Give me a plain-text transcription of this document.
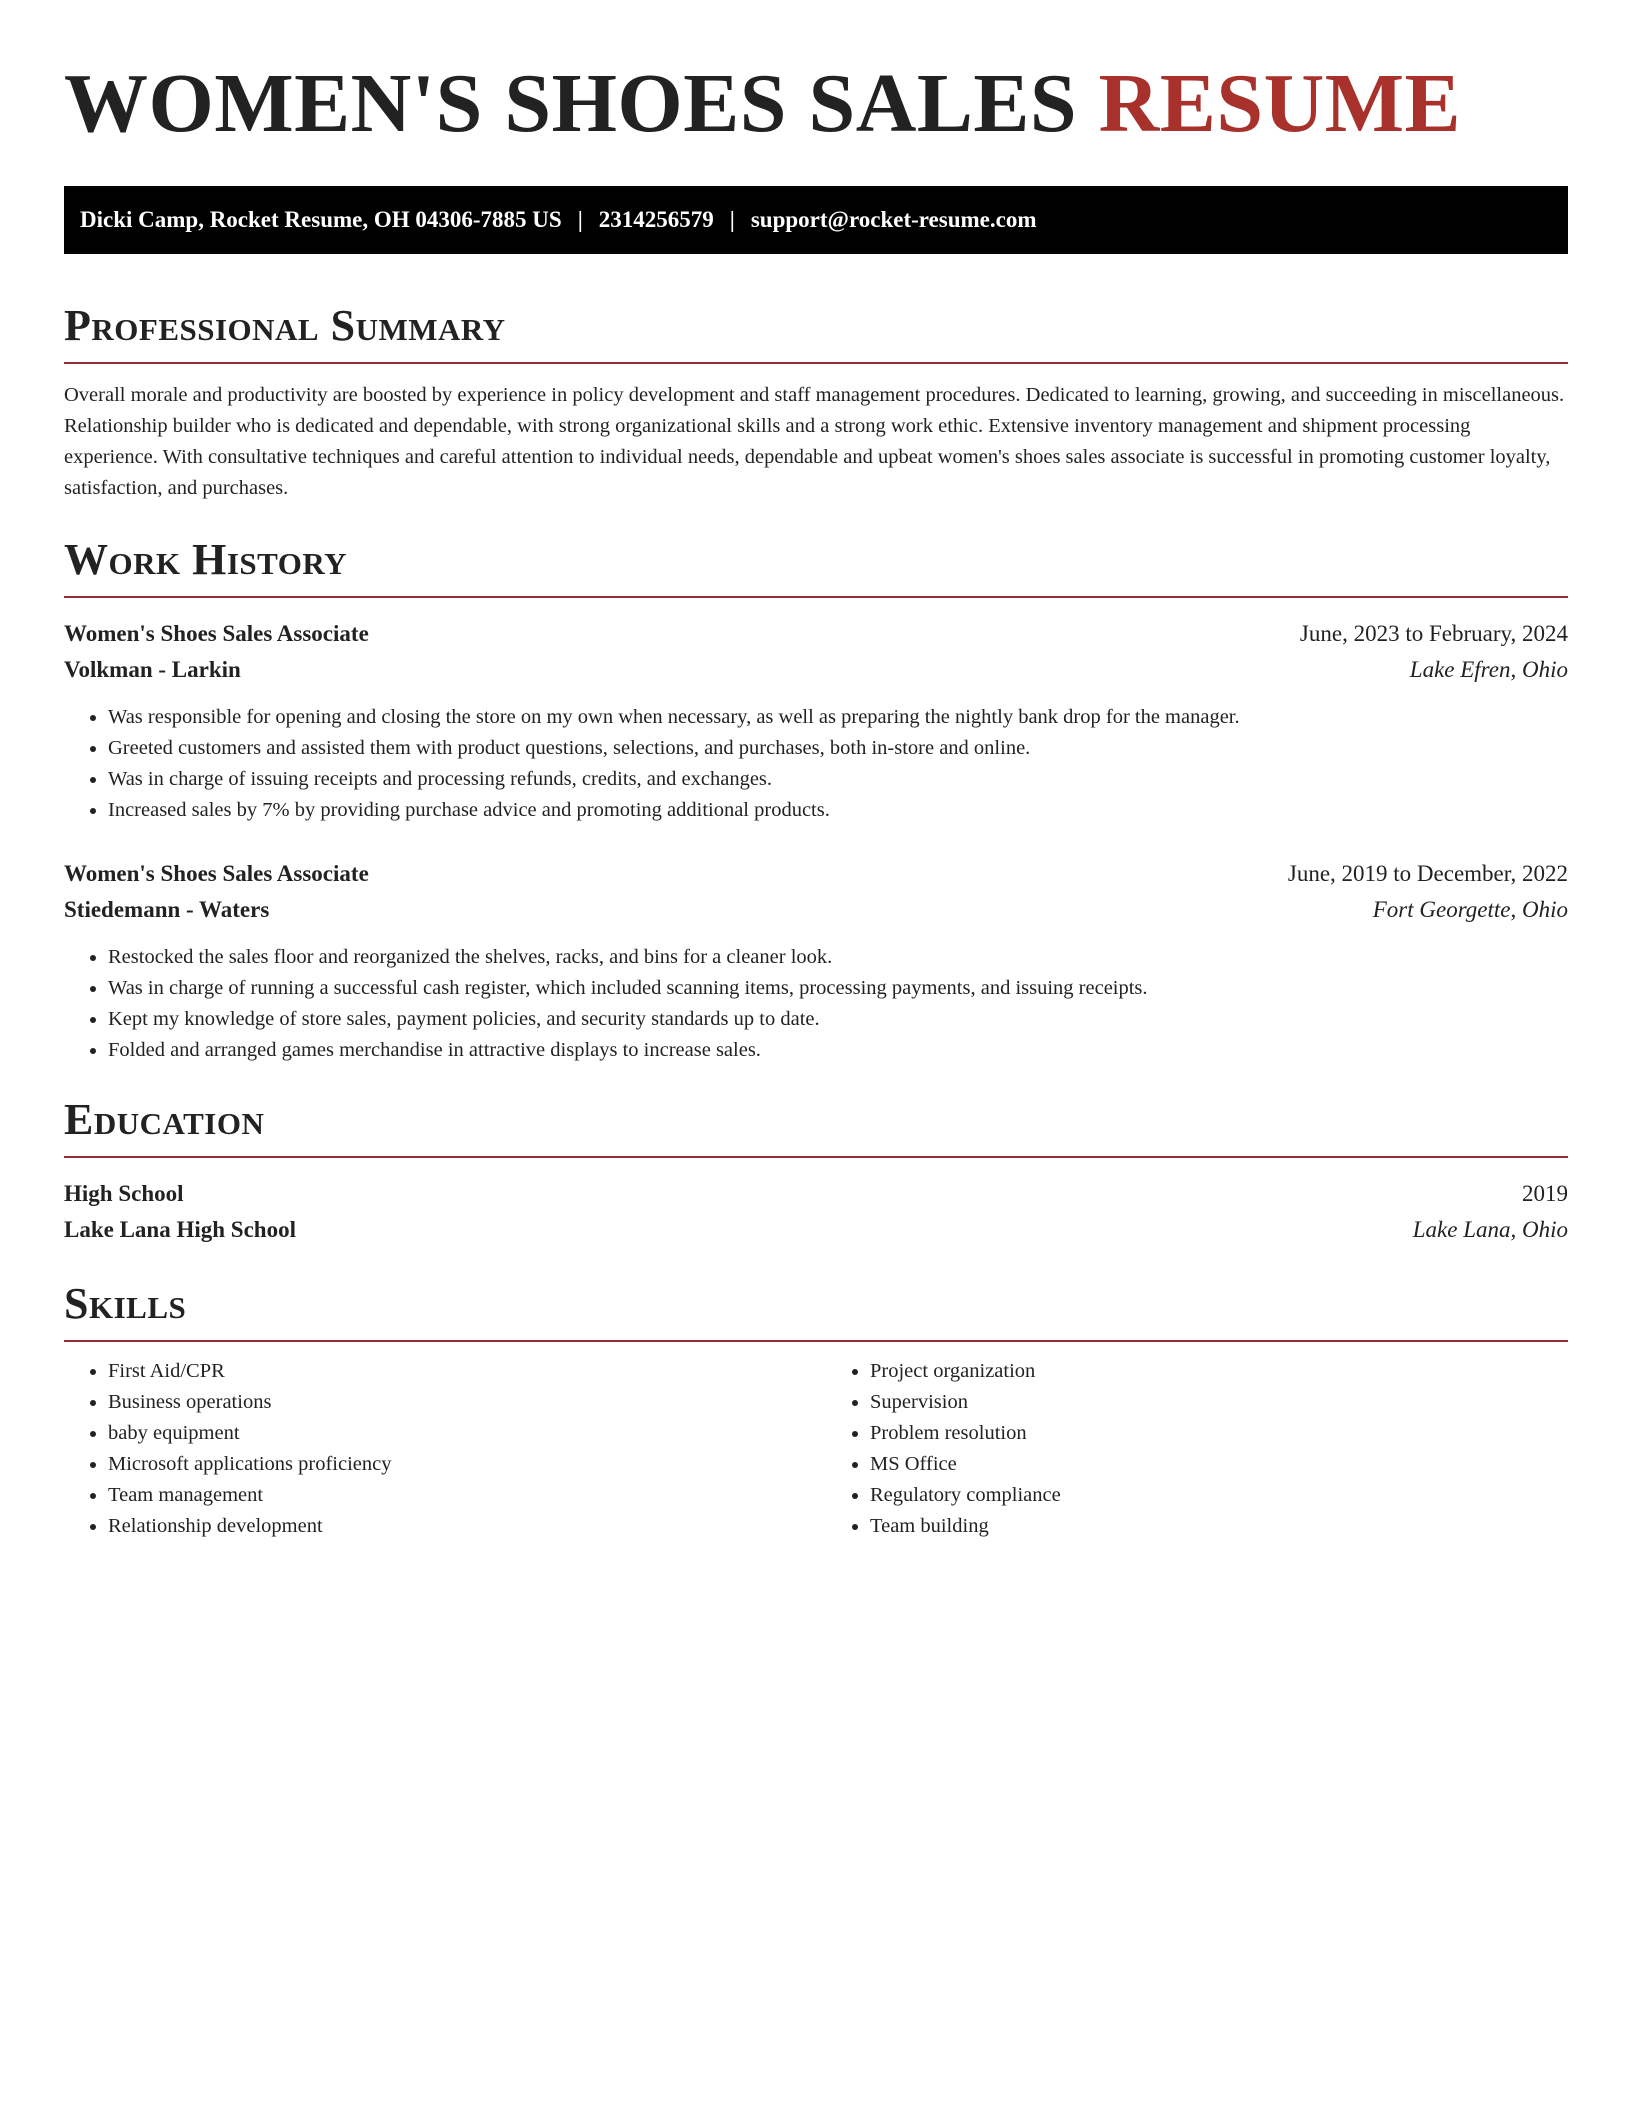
WOMEN'S SHOES SALES RESUME
Dicki Camp, Rocket Resume, OH 04306-7885 US | 2314256579 | support@rocket-resume.com
Professional Summary

Overall morale and productivity are boosted by experience in policy development and staff management procedures. Dedicated to learning, growing, and succeeding in miscellaneous. Relationship builder who is dedicated and dependable, with strong organizational skills and a strong work ethic. Extensive inventory management and shipment processing experience. With consultative techniques and careful attention to individual needs, dependable and upbeat women's shoes sales associate is successful in promoting customer loyalty, satisfaction, and purchases.

Work History
Women's Shoes Sales Associate	June, 2023 to February, 2024
Volkman - Larkin	Lake Efren, Ohio
• Was responsible for opening and closing the store on my own when necessary, as well as preparing the nightly bank drop for the manager.
• Greeted customers and assisted them with product questions, selections, and purchases, both in-store and online.
• Was in charge of issuing receipts and processing refunds, credits, and exchanges.
• Increased sales by 7% by providing purchase advice and promoting additional products.
Women's Shoes Sales Associate	June, 2019 to December, 2022
Stiedemann - Waters	Fort Georgette, Ohio
• Restocked the sales floor and reorganized the shelves, racks, and bins for a cleaner look.
• Was in charge of running a successful cash register, which included scanning items, processing payments, and issuing receipts.
• Kept my knowledge of store sales, payment policies, and security standards up to date.
• Folded and arranged games merchandise in attractive displays to increase sales.
Education
High School	2019
Lake Lana High School	Lake Lana, Ohio
Skills
• First Aid/CPR
• Business operations
• baby equipment
• Microsoft applications proficiency
• Team management
• Relationship development
• Project organization
• Supervision
• Problem resolution
• MS Office
• Regulatory compliance
• Team building
